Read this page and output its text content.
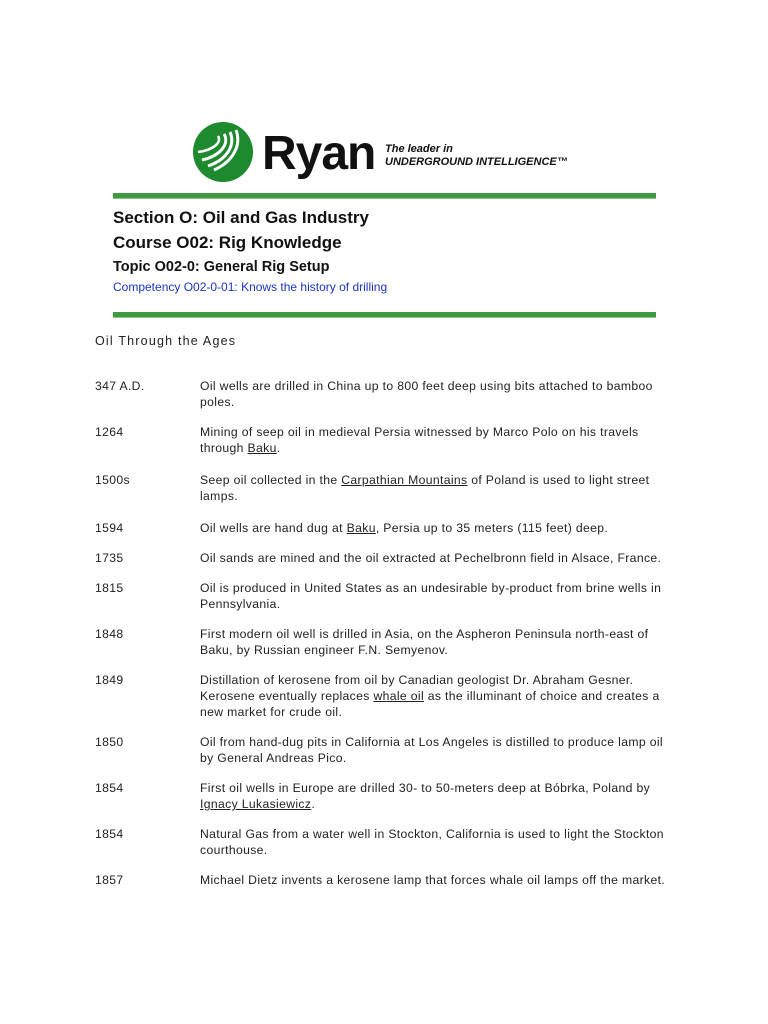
Ryan The leader in
UNDERGROUND INTELLIGENCE™
Section O: Oil and Gas Industry
Course O02: Rig Knowledge
Topic O02-0: General Rig Setup
Competency O02-0-01: Knows the history of drilling
Oil Through the Ages
347 A.D.	Oil wells are drilled in China up to 800 feet deep using bits attached to bamboo poles.
1264	Mining of seep oil in medieval Persia witnessed by Marco Polo on his travels through Baku.
1500s	Seep oil collected in the Carpathian Mountains of Poland is used to light street lamps.
1594	Oil wells are hand dug at Baku, Persia up to 35 meters (115 feet) deep.
1735	Oil sands are mined and the oil extracted at Pechelbronn field in Alsace, France.
1815	Oil is produced in United States as an undesirable by-product from brine wells in Pennsylvania.
1848	First modern oil well is drilled in Asia, on the Aspheron Peninsula north-east of Baku, by Russian engineer F.N. Semyenov.
1849	Distillation of kerosene from oil by Canadian geologist Dr. Abraham Gesner. Kerosene eventually replaces whale oil as the illuminant of choice and creates a new market for crude oil.
1850	Oil from hand-dug pits in California at Los Angeles is distilled to produce lamp oil by General Andreas Pico.
1854	First oil wells in Europe are drilled 30- to 50-meters deep at Bóbrka, Poland by Ignacy Lukasiewicz.
1854	Natural Gas from a water well in Stockton, California is used to light the Stockton courthouse.
1857	Michael Dietz invents a kerosene lamp that forces whale oil lamps off the market.
